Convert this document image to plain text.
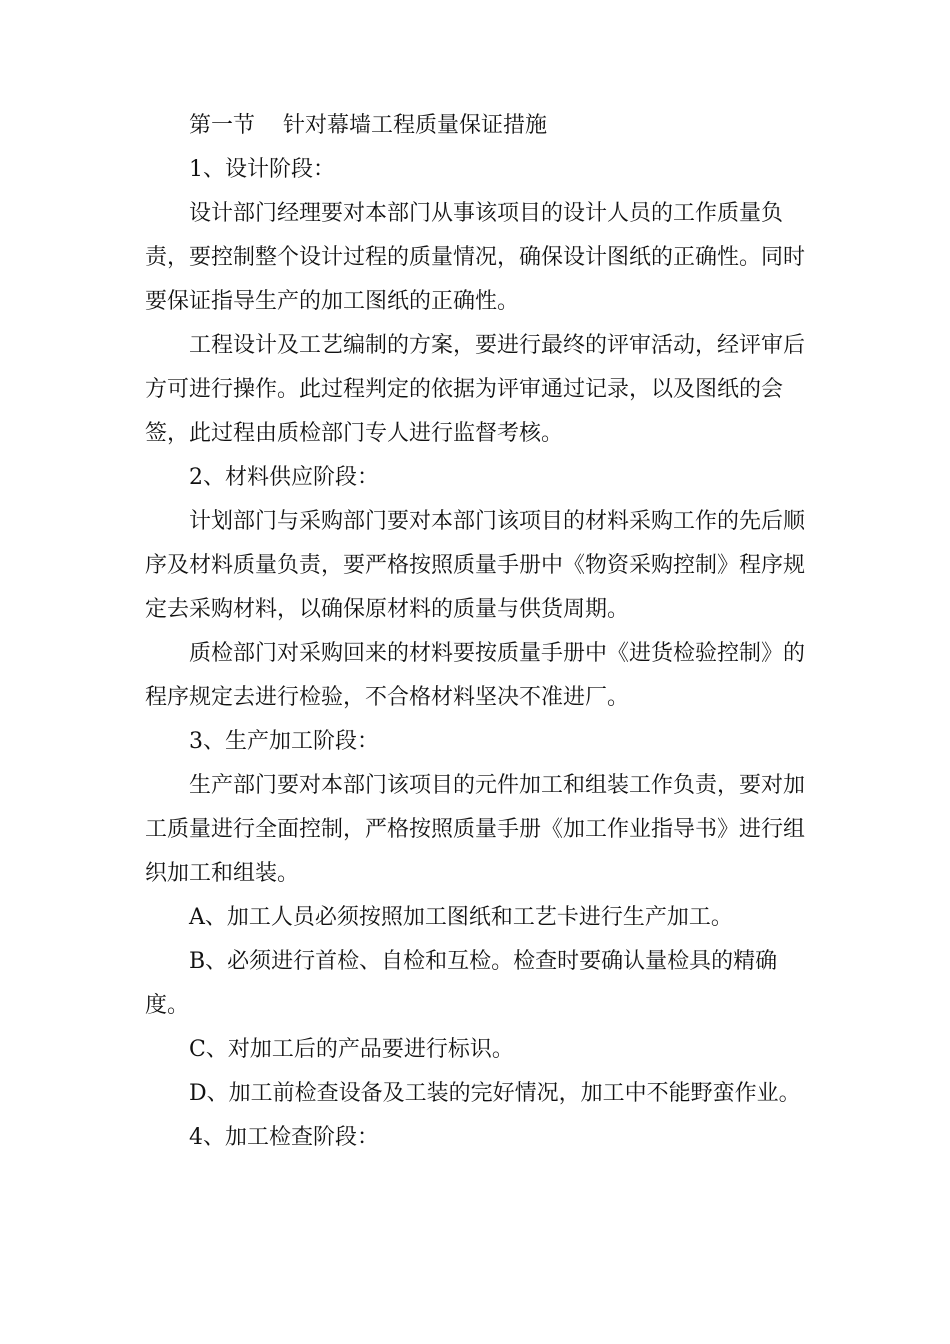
第一节 针对幕墙工程质量保证措施

1、设计阶段：

设计部门经理要对本部门从事该项目的设计人员的工作质量负责，要控制整个设计过程的质量情况，确保设计图纸的正确性。同时要保证指导生产的加工图纸的正确性。

工程设计及工艺编制的方案，要进行最终的评审活动，经评审后方可进行操作。此过程判定的依据为评审通过记录，以及图纸的会签，此过程由质检部门专人进行监督考核。

2、材料供应阶段：

计划部门与采购部门要对本部门该项目的材料采购工作的先后顺序及材料质量负责，要严格按照质量手册中《物资采购控制》程序规定去采购材料，以确保原材料的质量与供货周期。

质检部门对采购回来的材料要按质量手册中《进货检验控制》的程序规定去进行检验，不合格材料坚决不准进厂。

3、生产加工阶段：

生产部门要对本部门该项目的元件加工和组装工作负责，要对加工质量进行全面控制，严格按照质量手册《加工作业指导书》进行组织加工和组装。

A、加工人员必须按照加工图纸和工艺卡进行生产加工。

B、必须进行首检、自检和互检。检查时要确认量检具的精确度。

C、对加工后的产品要进行标识。

D、加工前检查设备及工装的完好情况，加工中不能野蛮作业。

4、加工检查阶段：
